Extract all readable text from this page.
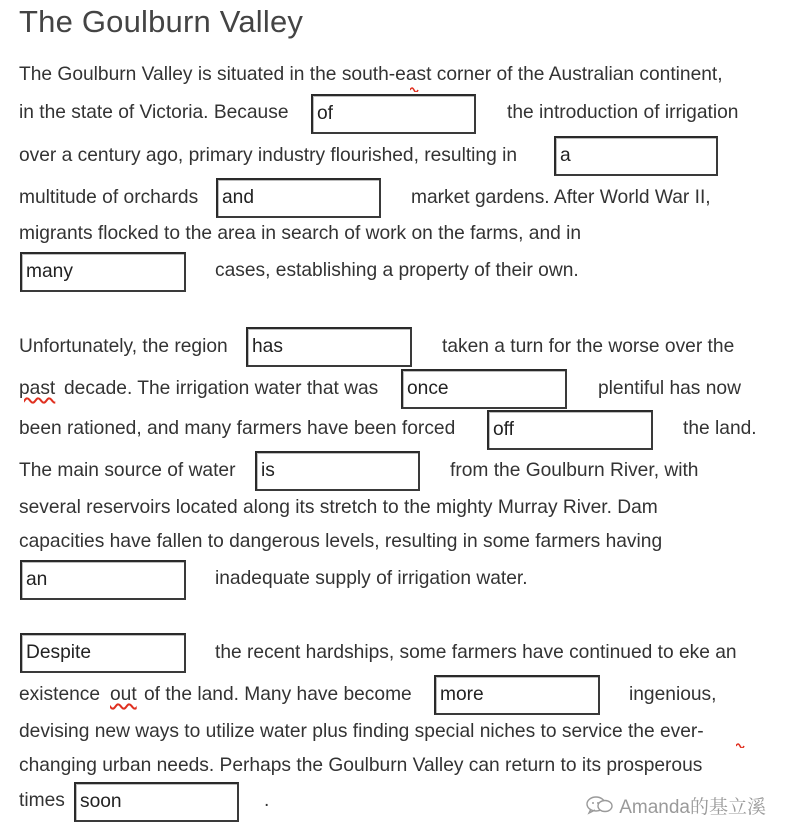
The Goulburn Valley
The Goulburn Valley is situated in the south-east corner of the Australian continent,
in the state of Victoria. Because	the introduction of irrigation
over a century ago, primary industry flourished, resulting in
multitude of orchards	market gardens. After World War II,
migrants flocked to the area in search of work on the farms, and in
cases, establishing a property of their own.
Unfortunately, the region	taken a turn for the worse over the
past decade. The irrigation water that was	plentiful has now
been rationed, and many farmers have been forced	the land.
The main source of water	from the Goulburn River, with
several reservoirs located along its stretch to the mighty Murray River. Dam
capacities have fallen to dangerous levels, resulting in some farmers having
inadequate supply of irrigation water.
the recent hardships, some farmers have continued to eke an
existence out of the land. Many have become	ingenious,
devising new ways to utilize water plus finding special niches to service the ever-
changing urban needs. Perhaps the Goulburn Valley can return to its prosperous
times	.
of
a
and
many
has
once
off
is
an
Despite
more
soon	Amanda的基立溪
